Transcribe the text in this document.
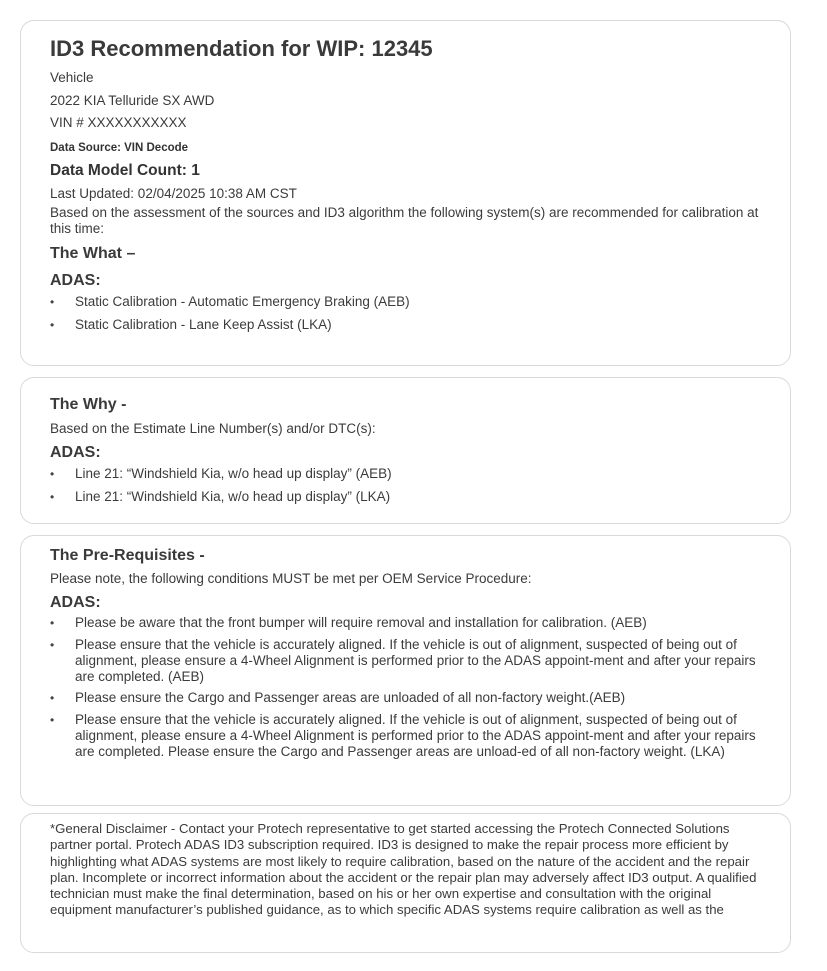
ID3 Recommendation for WIP: 12345
Vehicle
2022 KIA Telluride SX AWD
VIN # XXXXXXXXXXX
Data Source: VIN Decode
Data Model Count: 1
Last Updated: 02/04/2025 10:38 AM CST

Based on the assessment of the sources and ID3 algorithm the following system(s) are recommended for calibration at this time:

The What –
ADAS:
• Static Calibration - Automatic Emergency Braking (AEB)
• Static Calibration - Lane Keep Assist (LKA)
The Why -
Based on the Estimate Line Number(s) and/or DTC(s):
ADAS:
• Line 21: “Windshield Kia, w/o head up display” (AEB)
• Line 21: “Windshield Kia, w/o head up display” (LKA)
The Pre-Requisites -
Please note, the following conditions MUST be met per OEM Service Procedure:
ADAS:
• Please be aware that the front bumper will require removal and installation for calibration. (AEB)
• Please ensure that the vehicle is accurately aligned. If the vehicle is out of alignment, suspected of being out of alignment, please ensure a 4-Wheel Alignment is performed prior to the ADAS appoint-ment and after your repairs are completed. (AEB)
• Please ensure the Cargo and Passenger areas are unloaded of all non-factory weight.(AEB)
• Please ensure that the vehicle is accurately aligned. If the vehicle is out of alignment, suspected of being out of alignment, please ensure a 4-Wheel Alignment is performed prior to the ADAS appoint-ment and after your repairs are completed. Please ensure the Cargo and Passenger areas are unload-ed of all non-factory weight. (LKA)

*General Disclaimer - Contact your Protech representative to get started accessing the Protech Connected Solutions partner portal. Protech ADAS ID3 subscription required. ID3 is designed to make the repair process more efficient by highlighting what ADAS systems are most likely to require calibration, based on the nature of the accident and the repair plan. Incomplete or incorrect information about the accident or the repair plan may adversely affect ID3 output. A qualified technician must make the final determination, based on his or her own expertise and consultation with the original equipment manufacturer’s published guidance, as to which specific ADAS systems require calibration as well as the
